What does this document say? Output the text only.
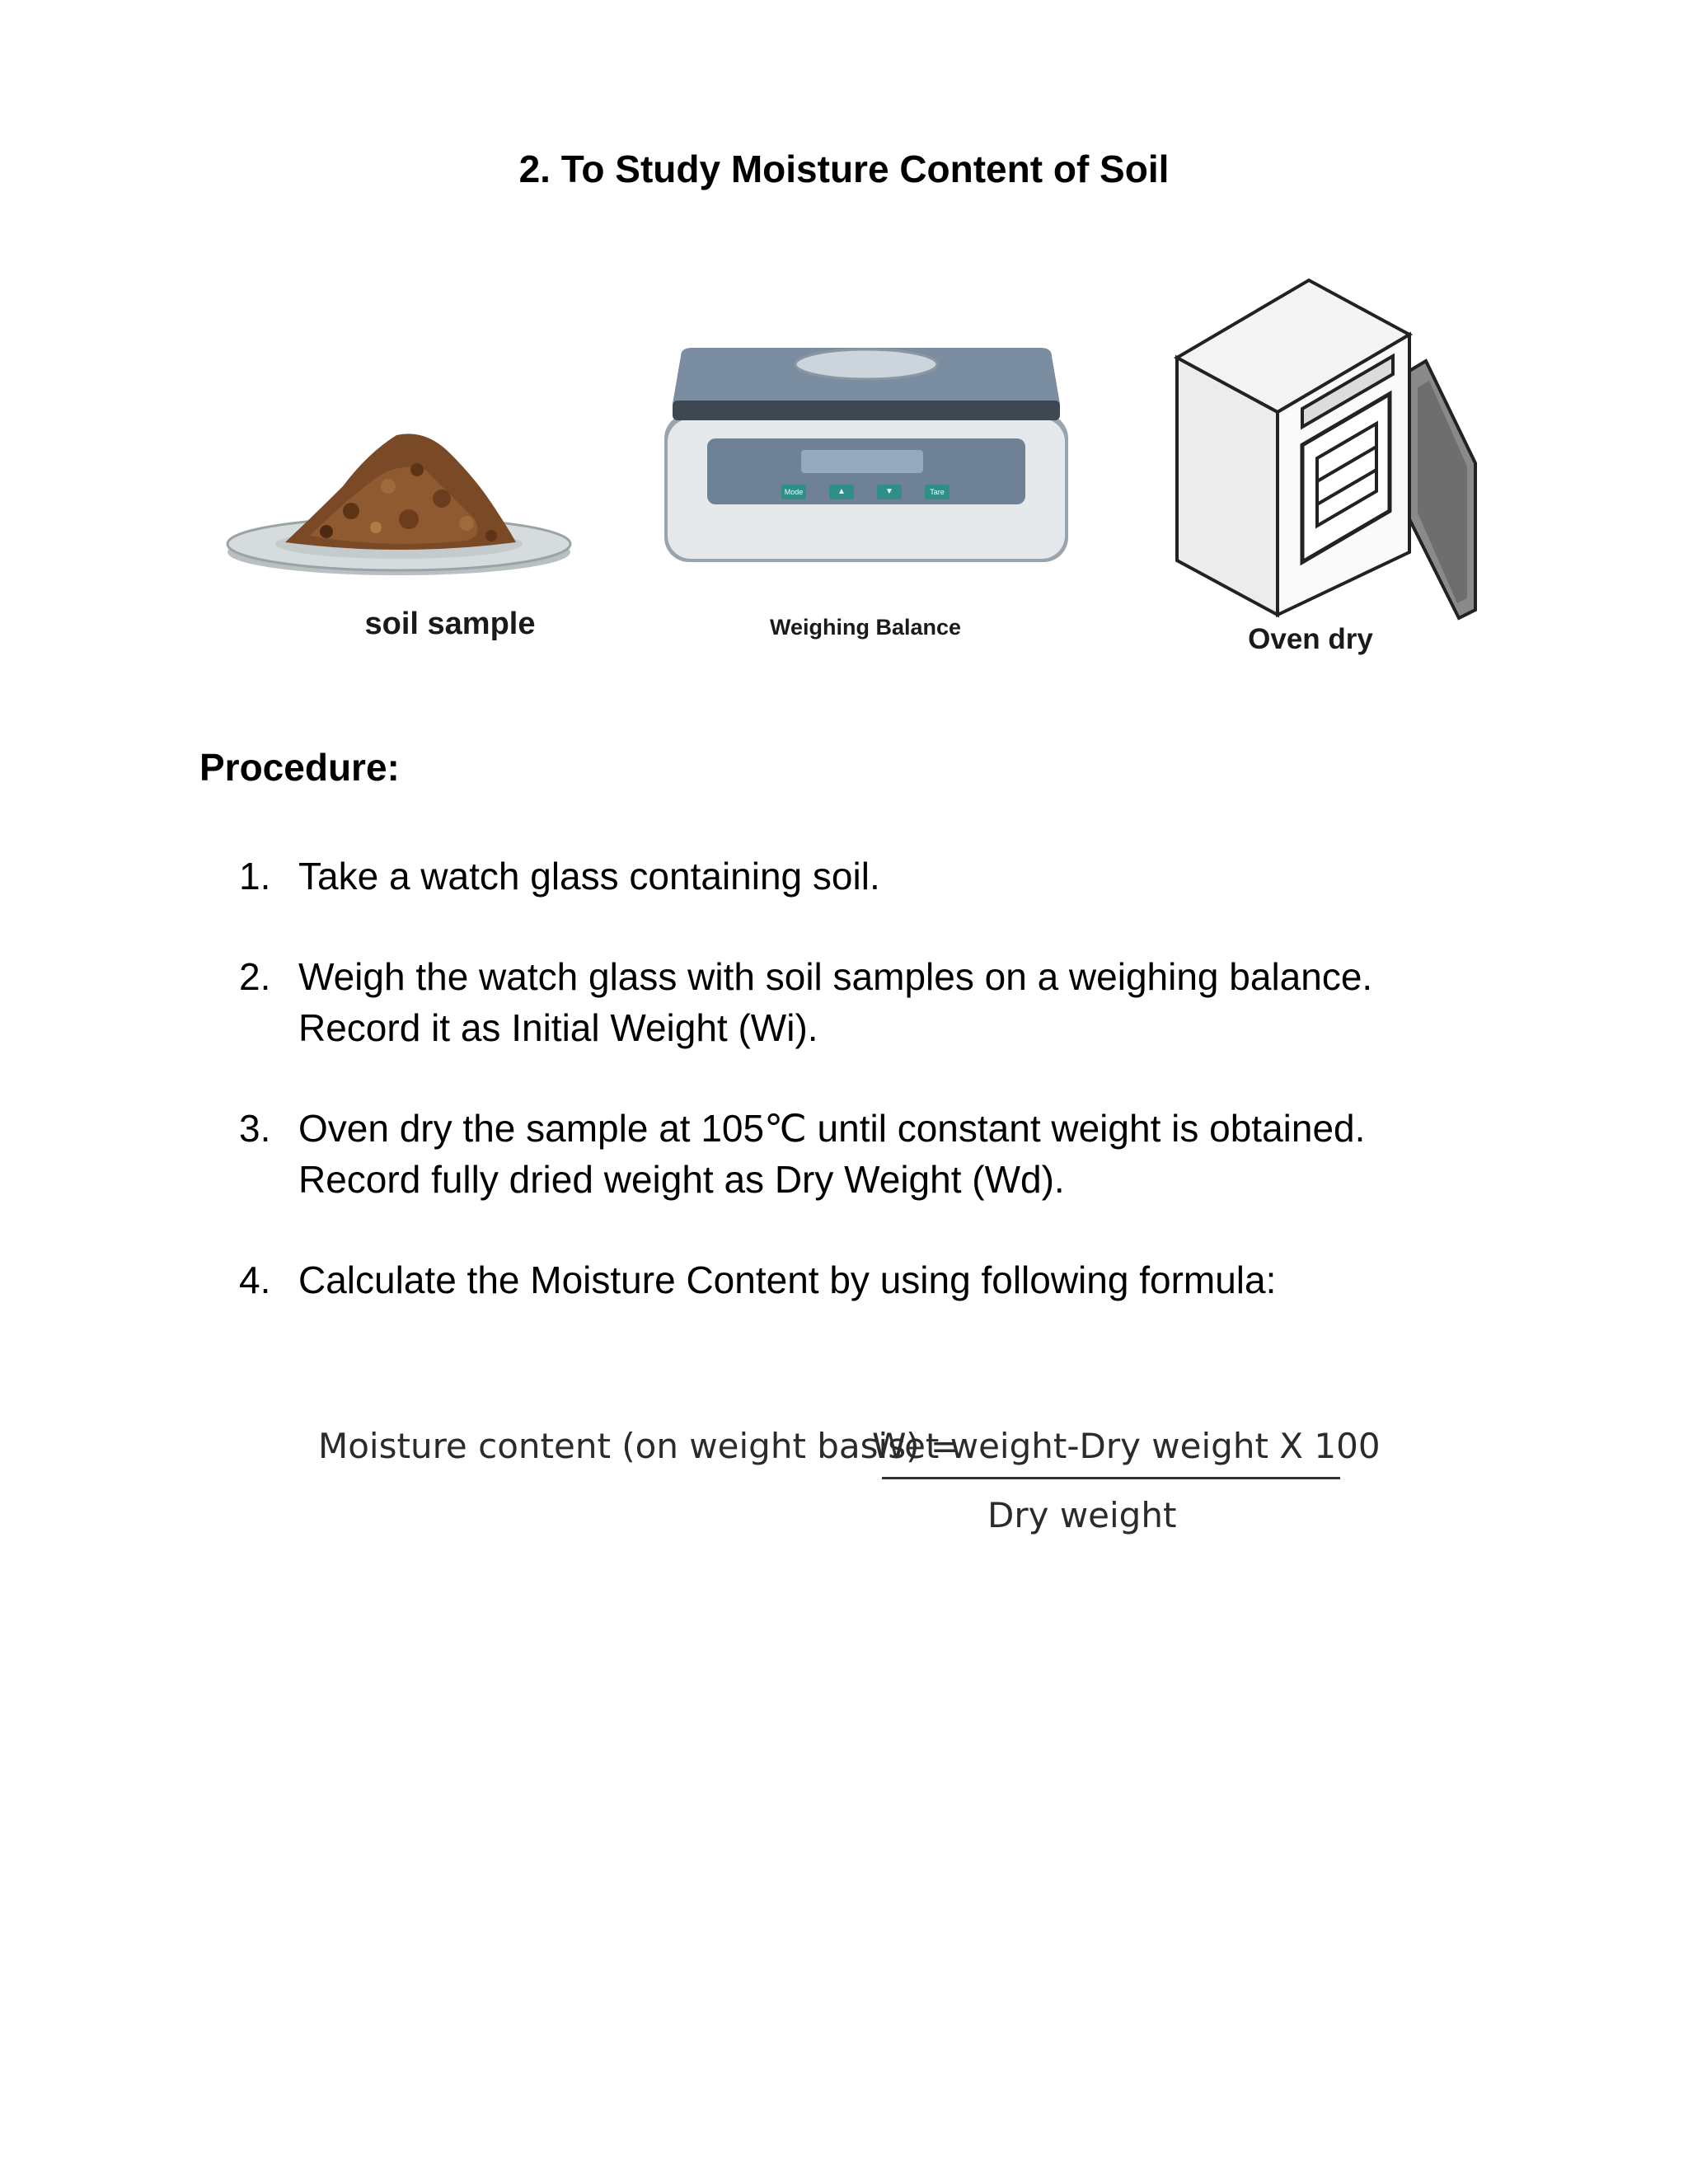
2. To Study Moisture Content of Soil
soil sample
Mode	▲	▼	Tare
Weighing Balance	Oven dry
Procedure:
1. Take a watch glass containing soil.
2. Weigh the watch glass with soil samples on a weighing balance.
Record it as Initial Weight (Wi).
3. Oven dry the sample at 105℃ until constant weight is obtained.
Record fully dried weight as Dry Weight (Wd).
4. Calculate the Moisture Content by using following formula:
Moisture content (on weight basis) =
Wet weight-Dry weight X 100
Dry weight
